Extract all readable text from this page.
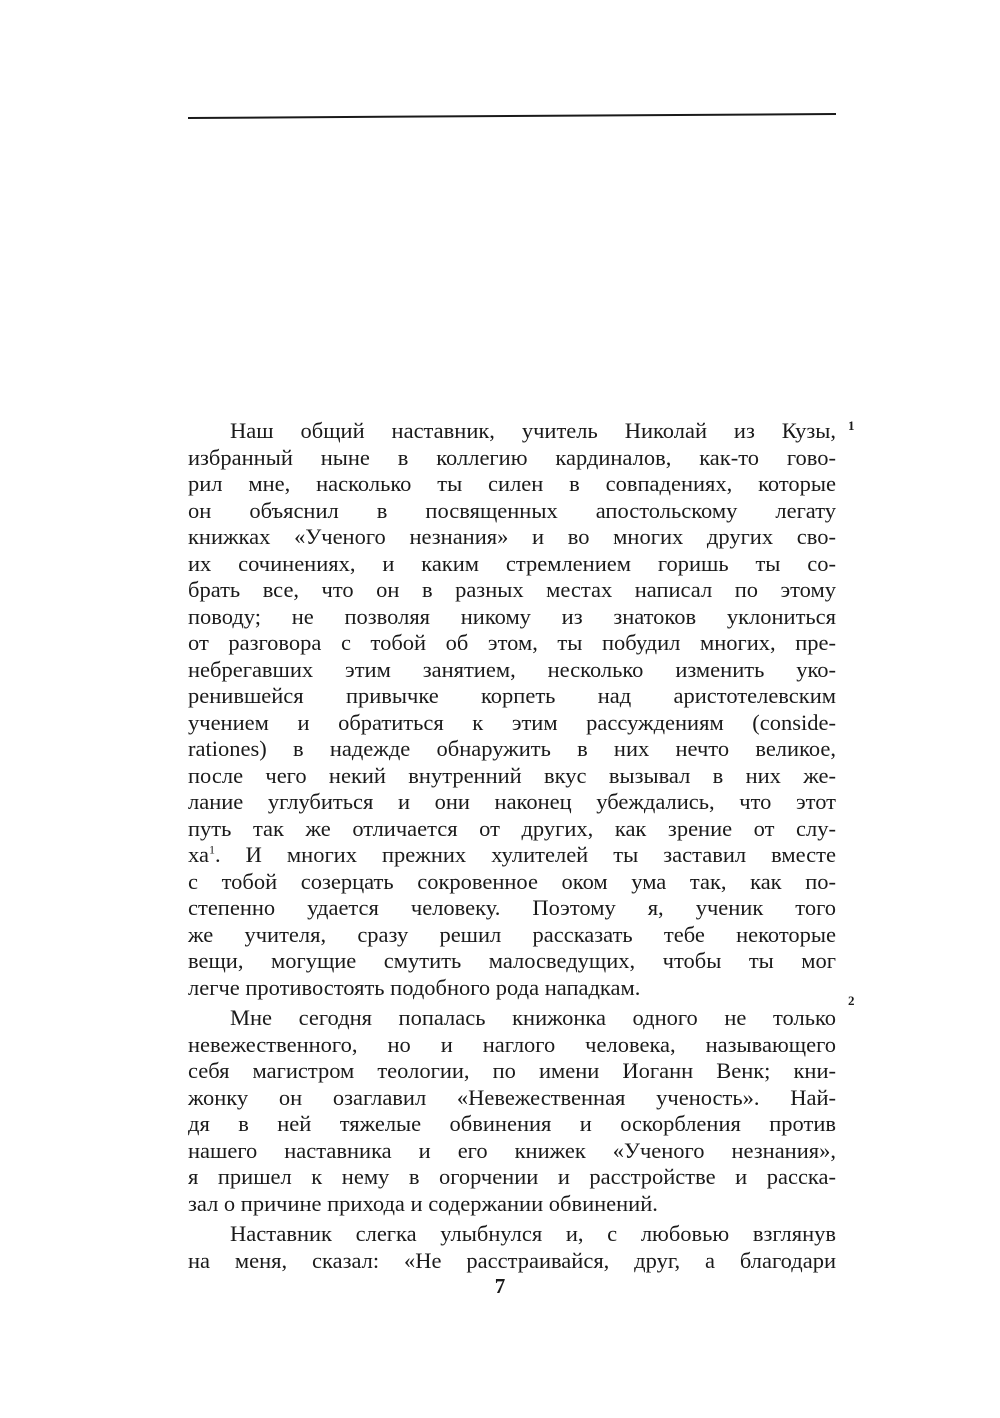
1
2
Наш общий наставник, учитель Николай из Кузы,
избранный ныне в коллегию кардиналов, как-то гово-
рил мне, насколько ты силен в совпадениях, которые
он объяснил в посвященных апостольскому легату
книжках «Ученого незнания» и во многих других сво-
их сочинениях, и каким стремлением горишь ты со-
брать все, что он в разных местах написал по этому
поводу; не позволяя никому из знатоков уклониться
от разговора с тобой об этом, ты побудил многих, пре-
небрегавших этим занятием, несколько изменить уко-
ренившейся привычке корпеть над аристотелевским
учением и обратиться к этим рассуждениям (conside-
rationes) в надежде обнаружить в них нечто великое,
после чего некий внутренний вкус вызывал в них же-
лание углубиться и они наконец убеждались, что этот
путь так же отличается от других, как зрение от слу-
ха$^1$. И многих прежних хулителей ты заставил вместе
с тобой созерцать сокровенное оком ума так, как по-
степенно удается человеку. Поэтому я, ученик того
же учителя, сразу решил рассказать тебе некоторые
вещи, могущие смутить малосведущих, чтобы ты мог
легче противостоять подобного рода нападкам.
Мне сегодня попалась книжонка одного не только
невежественного, но и наглого человека, называющего
себя магистром теологии, по имени Иоганн Венк; кни-
жонку он озаглавил «Невежественная ученость». Най-
дя в ней тяжелые обвинения и оскорбления против
нашего наставника и его книжек «Ученого незнания»,
я пришел к нему в огорчении и расстройстве и расска-
зал о причине прихода и содержании обвинений.
Наставник слегка улыбнулся и, с любовью взглянув
на меня, сказал: «Не расстраивайся, друг, а благодари
7
